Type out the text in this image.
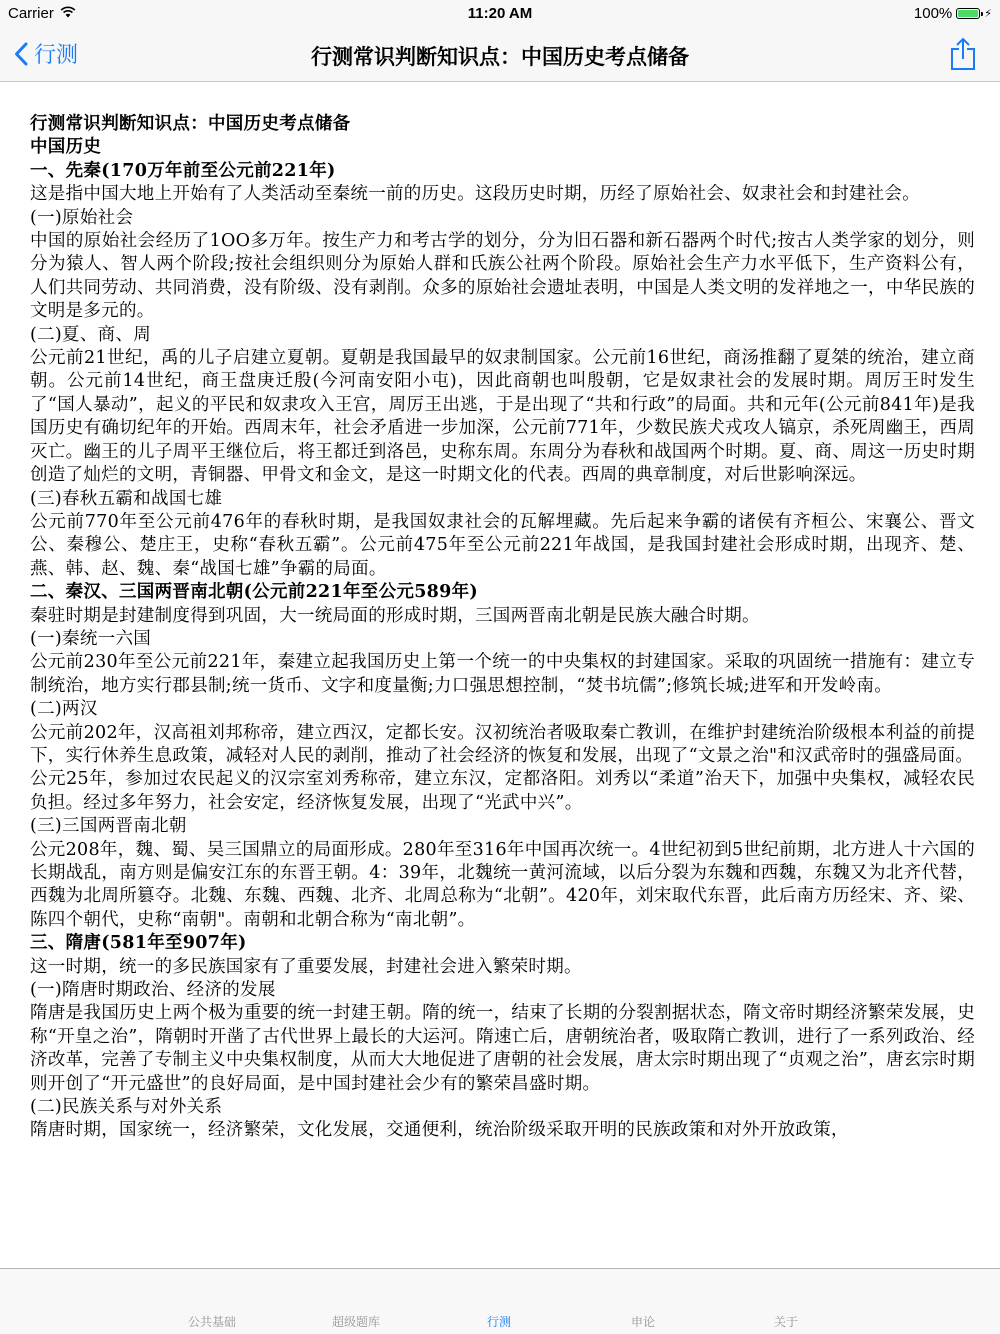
Carrier	11:20 AM	100%	⚡
行测	行测常识判断知识点：中国历史考点储备

行测常识判断知识点：中国历史考点储备

中国历史

一、先秦(170万年前至公元前221年)

这是指中国大地上开始有了人类活动至秦统一前的历史。这段历史时期，历经了原始社会、奴隶社会和封建社会。

(一)原始社会

中国的原始社会经历了1OO多万年。按生产力和考古学的划分，分为旧石器和新石器两个时代;按古人类学家的划分，则分为猿人、智人两个阶段;按社会组织则分为原始人群和氏族公社两个阶段。原始社会生产力水平低下，生产资料公有，人们共同劳动、共同消费，没有阶级、没有剥削。众多的原始社会遗址表明，中国是人类文明的发祥地之一，中华民族的文明是多元的。

(二)夏、商、周

公元前21世纪，禹的儿子启建立夏朝。夏朝是我国最早的奴隶制国家。公元前16世纪，商汤推翻了夏桀的统治，建立商朝。公元前14世纪，商王盘庚迁殷(今河南安阳小屯)，因此商朝也叫殷朝，它是奴隶社会的发展时期。周厉王时发生了“国人暴动”，起义的平民和奴隶攻入王宫，周厉王出逃，于是出现了“共和行政”的局面。共和元年(公元前841年)是我国历史有确切纪年的开始。西周末年，社会矛盾进一步加深，公元前771年，少数民族犬戎攻人镐京，杀死周幽王，西周灭亡。幽王的儿子周平王继位后，将王都迁到洛邑，史称东周。东周分为春秋和战国两个时期。夏、商、周这一历史时期创造了灿烂的文明，青铜器、甲骨文和金文，是这一时期文化的代表。西周的典章制度，对后世影响深远。

(三)春秋五霸和战国七雄

公元前770年至公元前476年的春秋时期，是我国奴隶社会的瓦解埋藏。先后起来争霸的诸侯有齐桓公、宋襄公、晋文公、秦穆公、楚庄王，史称“春秋五霸”。公元前475年至公元前221年战国，是我国封建社会形成时期，出现齐、楚、燕、韩、赵、魏、秦“战国七雄”争霸的局面。

二、秦汉、三国两晋南北朝(公元前221年至公元589年)

秦驻时期是封建制度得到巩固，大一统局面的形成时期，三国两晋南北朝是民族大融合时期。

(一)秦统一六国

公元前230年至公元前221年，秦建立起我国历史上第一个统一的中央集权的封建国家。采取的巩固统一措施有：建立专制统治，地方实行郡县制;统一货币、文字和度量衡;力口强思想控制，“焚书坑儒”;修筑长城;进军和开发岭南。

(二)两汉

公元前202年，汉高祖刘邦称帝，建立西汉，定都长安。汉初统治者吸取秦亡教训，在维护封建统治阶级根本利益的前提下，实行休养生息政策，减轻对人民的剥削，推动了社会经济的恢复和发展，出现了“文景之治"和汉武帝时的强盛局面。

公元25年，参加过农民起义的汉宗室刘秀称帝，建立东汉，定都洛阳。刘秀以“柔道”治天下，加强中央集权，减轻农民负担。经过多年努力，社会安定，经济恢复发展，出现了“光武中兴”。

(三)三国两晋南北朝

公元208年，魏、蜀、吴三国鼎立的局面形成。280年至316年中国再次统一。4世纪初到5世纪前期，北方进人十六国的长期战乱，南方则是偏安江东的东晋王朝。4：39年，北魏统一黄河流域，以后分裂为东魏和西魏，东魏又为北齐代替，西魏为北周所篡夺。北魏、东魏、西魏、北齐、北周总称为“北朝”。420年，刘宋取代东晋，此后南方历经宋、齐、梁、陈四个朝代，史称“南朝"。南朝和北朝合称为“南北朝”。

三、隋唐(581年至907年)

这一时期，统一的多民族国家有了重要发展，封建社会进入繁荣时期。

(一)隋唐时期政治、经济的发展

隋唐是我国历史上两个极为重要的统一封建王朝。隋的统一，结束了长期的分裂割据状态，隋文帝时期经济繁荣发展，史称“开皇之治”，隋朝时开凿了古代世界上最长的大运河。隋速亡后，唐朝统治者，吸取隋亡教训，进行了一系列政治、经济改革，完善了专制主义中央集权制度，从而大大地促进了唐朝的社会发展，唐太宗时期出现了“贞观之治”，唐玄宗时期则开创了“开元盛世”的良好局面，是中国封建社会少有的繁荣昌盛时期。

(二)民族关系与对外关系

隋唐时期，国家统一，经济繁荣，文化发展，交通便利，统治阶级采取开明的民族政策和对外开放政策，

公共基础	超级题库	行测	申论	关于
